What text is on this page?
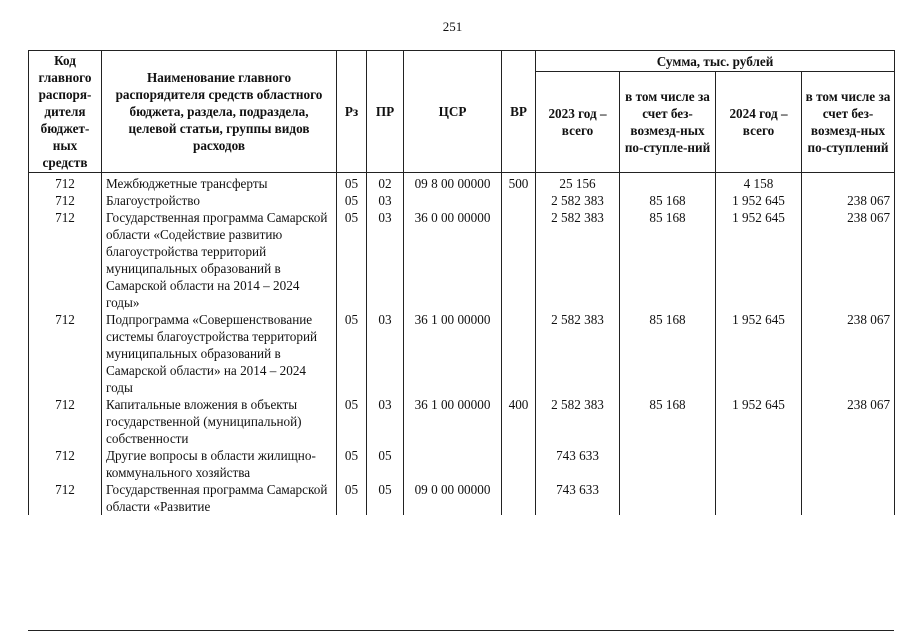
251
Код главного распоря-дителя бюджет-ных средств	Наименование главного распорядителя средств областного бюджета, раздела, подраздела, целевой статьи, группы видов расходов	Рз	ПР	ЦСР	ВР	Сумма, тыс. рублей			
						2023 год – всего	в том числе за счет без-возмезд-ных по-ступле-ний	2024 год – всего	в том числе за счет без-возмезд-ных по-ступлений
712	Межбюджетные трансферты	05	02	09 8 00 00000	500	25 156		4 158	
712	Благоустройство	05	03			2 582 383	85 168	1 952 645	238 067
712	Государственная программа Самарской области «Содействие развитию благоустройства территорий муниципальных образований в Самарской области на 2014 – 2024 годы»	05	03	36 0 00 00000		2 582 383	85 168	1 952 645	238 067
712	Подпрограмма «Совершенствование системы благоустройства территорий муниципальных образований в Самарской области» на 2014 – 2024 годы	05	03	36 1 00 00000		2 582 383	85 168	1 952 645	238 067
712	Капитальные вложения в объекты государственной (муниципальной) собственности	05	03	36 1 00 00000	400	2 582 383	85 168	1 952 645	238 067
712	Другие вопросы в области жилищно-коммунального хозяйства	05	05			743 633			
712	Государственная программа Самарской области «Развитие	05	05	09 0 00 00000		743 633			
